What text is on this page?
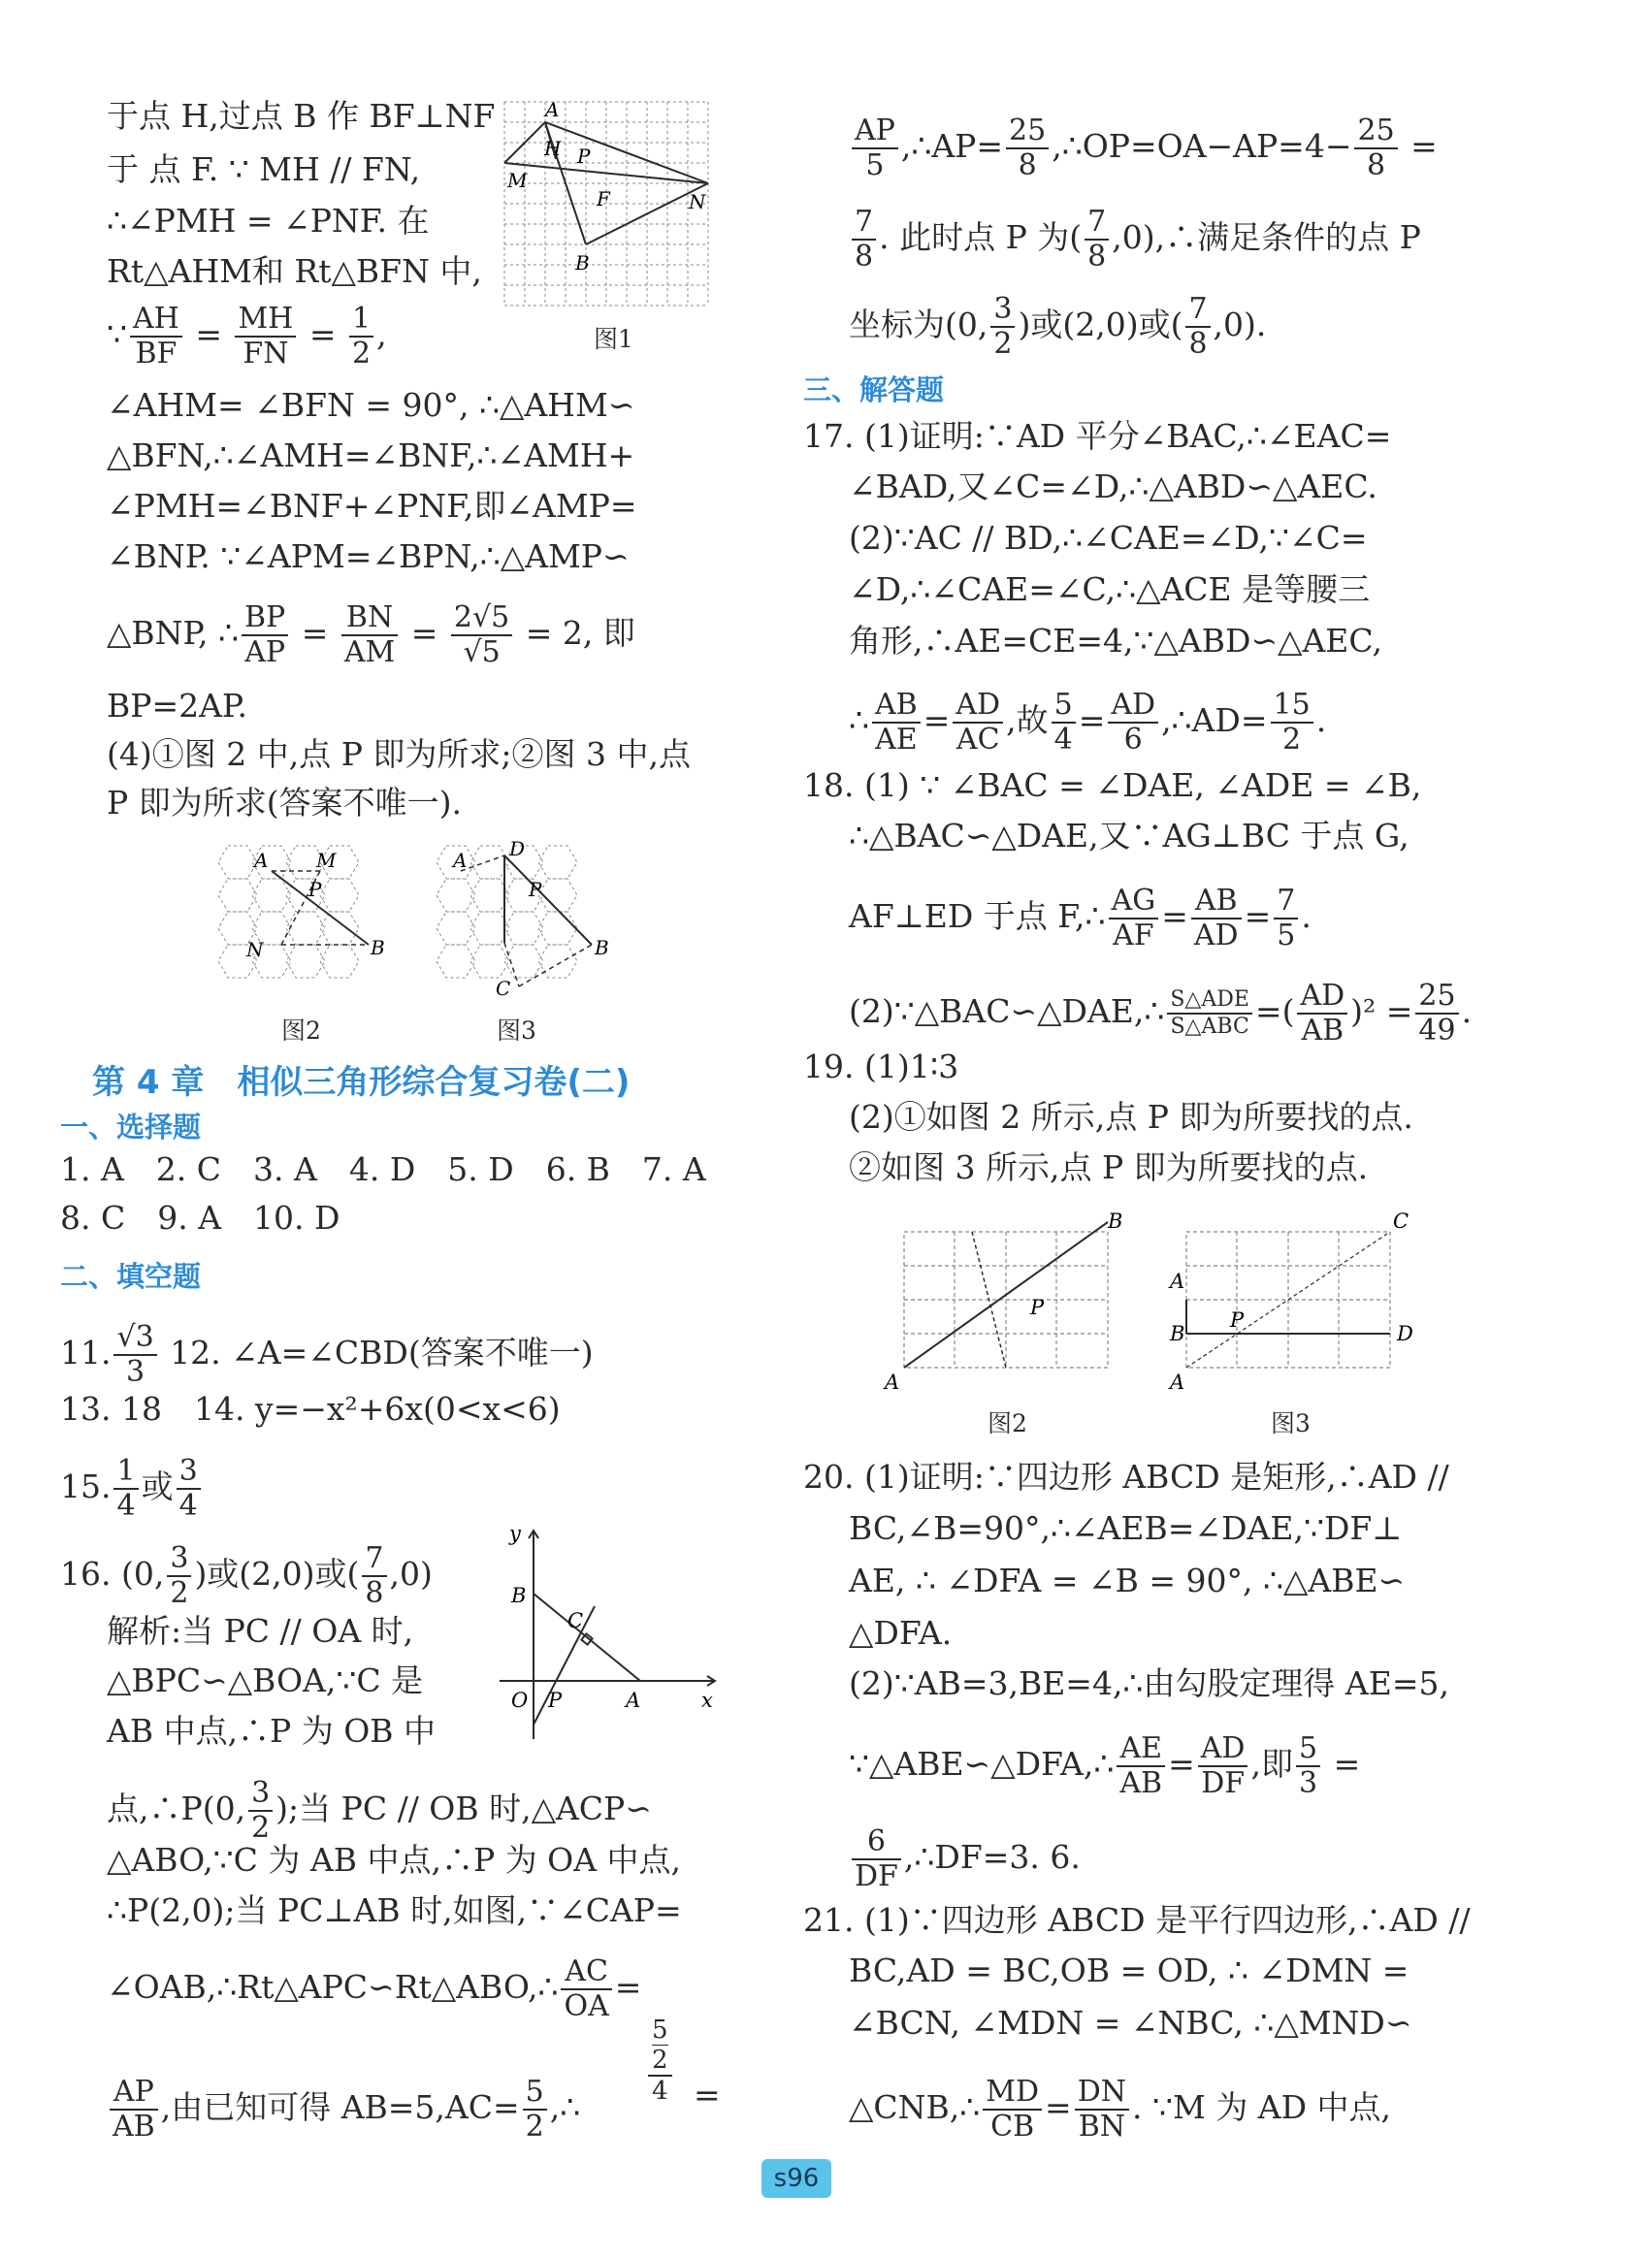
于点 H,过点 B 作 BF⊥NF
于 点 F. ∵ MH // FN,
∴∠PMH = ∠PNF. 在
Rt△AHM和 Rt△BFN 中,
∵ $\frac{AH}{BF} = \frac{MH}{FN} = \frac{1}{2}$ ,
∠AHM= ∠BFN = 90°, ∴△AHM∽
△BFN,∴∠AMH=∠BNF,∴∠AMH+
∠PMH=∠BNF+∠PNF,即∠AMP=
∠BNP. ∵∠APM=∠BPN,∴△AMP∽
△BNP, ∴ $\frac{BP}{AP} = \frac{BN}{AM} = \frac{2√5}{√5} = 2$, 即
BP=2AP.
(4)①图 2 中,点 P 即为所求;②图 3 中,点
P 即为所求(答案不唯一).
A
H P
M
F	N
B
图1
A M
P
N	B
图2
D
A
P
B
C
图3
第 4 章　相似三角形综合复习卷(二)
一、选择题
1. A　2. C　3. A　4. D　5. D　6. B　7. A
8. C　9. A　10. D
二、填空题
11. $\frac{√3}{3} 12$. ∠A=∠CBD(答案不唯一)
13. 18　14. y=−x²+6x(0<x<6)
15. $\frac{1}{4}$ 或 $\frac{3}{4}$
16. (0, $\frac{3}{2}$ )或(2,0)或( $\frac{7}{8} ,0$)
y
B
C
O P	A	x
解析:当 PC // OA 时,
△BPC∽△BOA,∵C 是
AB 中点,∴P 为 OB 中
点,∴P(0, $\frac{3}{2}$ );当 PC // OB 时,△ACP∽
△ABO,∵C 为 AB 中点,∴P 为 OA 中点,
∴P(2,0);当 PC⊥AB 时,如图,∵∠CAP=
∠OAB,∴Rt△APC∽Rt△ABO,∴ $\frac{AC}{OA}$ =
$\frac{AP}{AB}$ ,由已知可得 $AB=5,AC= \frac{5}{2}$ ,∴
5
2
4 =
$\frac{AP}{5}$ ,∴AP= $\frac{25}{8}$ ,∴OP=OA−AP=4− $\frac{25}{8}$ =
$\frac{7}{8}$ . 此时点 P 为( $\frac{7}{8}$ ,0),∴满足条件的点 P
坐标为(0, $\frac{3}{2}$ )或(2,0)或( $\frac{7}{8} ,0$).
三、解答题
17. (1)证明:∵AD 平分∠BAC,∴∠EAC=
∠BAD,又∠C=∠D,∴△ABD∽△AEC.
(2)∵AC // BD,∴∠CAE=∠D,∵∠C=
∠D,∴∠CAE=∠C,∴△ACE 是等腰三
角形,∴AE=CE=4,∵△ABD∽△AEC,
∴ $\frac{AB}{AE} = \frac{AD}{AC}$ ,故 $\frac{5}{4} = \frac{AD}{6}$ ,∴AD= $\frac{15}{2}$ .
18. (1) ∵ ∠BAC = ∠DAE, ∠ADE = ∠B,
∴△BAC∽△DAE,又∵AG⊥BC 于点 G,
AF⊥ED 于点 F,∴ $\frac{AG}{AF} = \frac{AB}{AD} = \frac{7}{5}$ .
(2)∵△BAC∽△DAE,∴ S△ADE
S△ABC =( $\frac{AD}{AB} )^2 = \frac{25}{49}$ .
19. (1)1∶3
(2)①如图 2 所示,点 P 即为所要找的点.
②如图 3 所示,点 P 即为所要找的点.
B
A
P
图2
C
A
B	D
P
A
图3
20. (1)证明:∵四边形 ABCD 是矩形,∴AD //
BC,∠B=90°,∴∠AEB=∠DAE,∵DF⊥
AE, ∴ ∠DFA = ∠B = 90°, ∴△ABE∽
△DFA.
(2)∵AB=3,BE=4,∴由勾股定理得 AE=5,
∵△ABE∽△DFA,∴ $\frac{AE}{AB} = \frac{AD}{DF}$ ,即 $\frac{5}{3}$ =
$\frac{6}{DF}$ ,∴DF=3. 6.
21. (1)∵四边形 ABCD 是平行四边形,∴AD //
BC,AD = BC,OB = OD, ∴ ∠DMN =
∠BCN, ∠MDN = ∠NBC, ∴△MND∽
△CNB,∴ $\frac{MD}{CB} = \frac{DN}{BN}$ . ∵M 为 AD 中点,
s96
